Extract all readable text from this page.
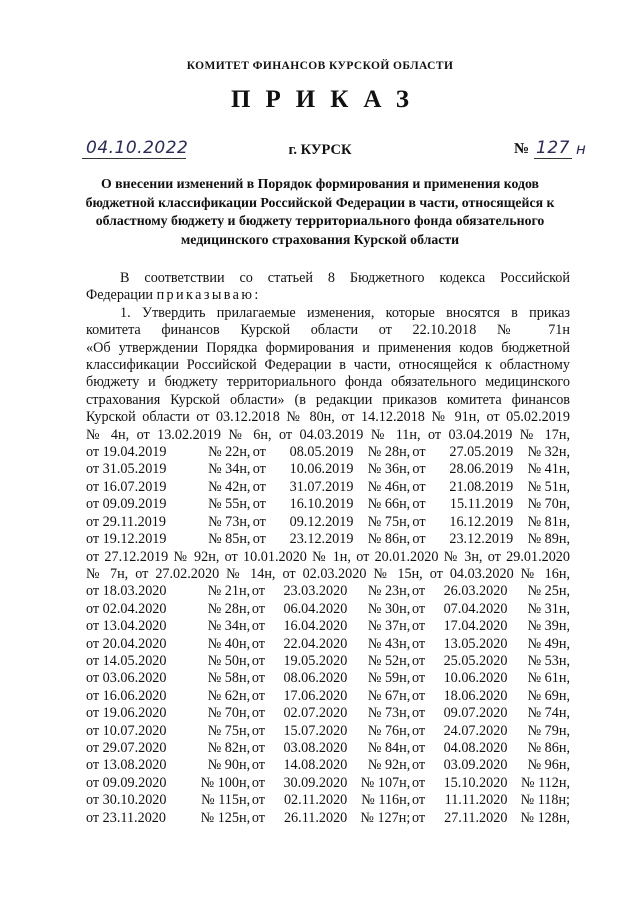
КОМИТЕТ ФИНАНСОВ КУРСКОЙ ОБЛАСТИ
ПРИКАЗ
04.10.2022	г. КУРСК	№ 127 н
О внесении изменений в Порядок формирования и применения кодов бюджетной классификации Российской Федерации в части, относящейся к областному бюджету и бюджету территориального фонда обязательного медицинского страхования Курской области

В соответствии со статьей 8 Бюджетного кодекса Российской

Федерации приказываю:

1. Утвердить прилагаемые изменения, которые вносятся в приказ

комитета финансов Курской области от 22.10.2018 № 71н

«Об утверждении Порядка формирования и применения кодов бюджетной

классификации Российской Федерации в части, относящейся к областному

бюджету и бюджету территориального фонда обязательного медицинского

страхования Курской области» (в редакции приказов комитета финансов

Курской области от 03.12.2018 № 80н, от 14.12.2018 № 91н, от 05.02.2019

№ 4н, от 13.02.2019 № 6н, от 04.03.2019 № 11н, от 03.04.2019 № 17н,

от 19.04.2019	№ 22н,	от	08.05.2019	№ 28н,	от	27.05.2019	№ 32н,
от 31.05.2019	№ 34н,	от	10.06.2019	№ 36н,	от	28.06.2019	№ 41н,
от 16.07.2019	№ 42н,	от	31.07.2019	№ 46н,	от	21.08.2019	№ 51н,
от 09.09.2019	№ 55н,	от	16.10.2019	№ 66н,	от	15.11.2019	№ 70н,
от 29.11.2019	№ 73н,	от	09.12.2019	№ 75н,	от	16.12.2019	№ 81н,
от 19.12.2019	№ 85н,	от	23.12.2019	№ 86н,	от	23.12.2019	№ 89н,

от 27.12.2019 № 92н, от 10.01.2020 № 1н, от 20.01.2020 № 3н, от 29.01.2020

№ 7н, от 27.02.2020 № 14н, от 02.03.2020 № 15н, от 04.03.2020 № 16н,

от 18.03.2020	№ 21н,	от	23.03.2020	№ 23н,	от	26.03.2020	№ 25н,
от 02.04.2020	№ 28н,	от	06.04.2020	№ 30н,	от	07.04.2020	№ 31н,
от 13.04.2020	№ 34н,	от	16.04.2020	№ 37н,	от	17.04.2020	№ 39н,
от 20.04.2020	№ 40н,	от	22.04.2020	№ 43н,	от	13.05.2020	№ 49н,
от 14.05.2020	№ 50н,	от	19.05.2020	№ 52н,	от	25.05.2020	№ 53н,
от 03.06.2020	№ 58н,	от	08.06.2020	№ 59н,	от	10.06.2020	№ 61н,
от 16.06.2020	№ 62н,	от	17.06.2020	№ 67н,	от	18.06.2020	№ 69н,
от 19.06.2020	№ 70н,	от	02.07.2020	№ 73н,	от	09.07.2020	№ 74н,
от 10.07.2020	№ 75н,	от	15.07.2020	№ 76н,	от	24.07.2020	№ 79н,
от 29.07.2020	№ 82н,	от	03.08.2020	№ 84н,	от	04.08.2020	№ 86н,
от 13.08.2020	№ 90н,	от	14.08.2020	№ 92н,	от	03.09.2020	№ 96н,
от 09.09.2020	№ 100н,	от	30.09.2020	№ 107н,	от	15.10.2020	№ 112н,
от 30.10.2020	№ 115н,	от	02.11.2020	№ 116н,	от	11.11.2020	№ 118н;
от 23.11.2020	№ 125н,	от	26.11.2020	№ 127н;	от	27.11.2020	№ 128н,
